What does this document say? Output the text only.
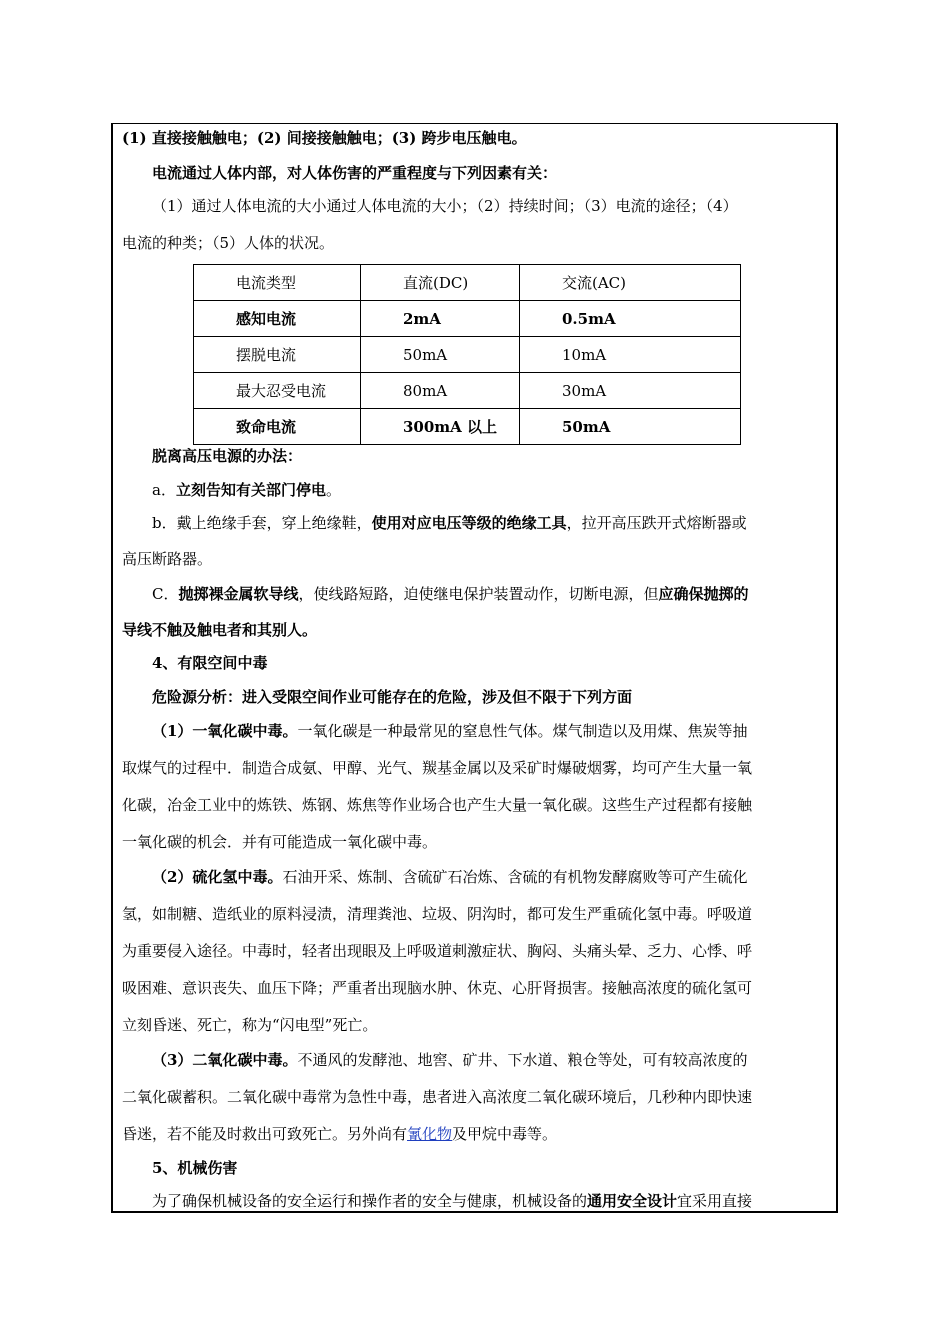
(1) 直接接触触电；(2) 间接接触触电；(3) 跨步电压触电。
电流通过人体内部，对人体伤害的严重程度与下列因素有关：
（1）通过人体电流的大小通过人体电流的大小；（2）持续时间；（3）电流的途径；（4）
电流的种类；（5）人体的状况。
电流类型	直流(DC)	交流(AC)
感知电流	2mA	0.5mA
摆脱电流	50mA	10mA
最大忍受电流	80mA	30mA
致命电流	300mA 以上	50mA
脱离高压电源的办法：
a．立刻告知有关部门停电。
b．戴上绝缘手套，穿上绝缘鞋，使用对应电压等级的绝缘工具，拉开高压跌开式熔断器或
高压断路器。
C．抛掷裸金属软导线，使线路短路，迫使继电保护装置动作，切断电源，但应确保抛掷的
导线不触及触电者和其别人。
4、有限空间中毒
危险源分析：进入受限空间作业可能存在的危险，涉及但不限于下列方面
（1）一氧化碳中毒。一氧化碳是一种最常见的窒息性气体。煤气制造以及用煤、焦炭等抽
取煤气的过程中．制造合成氨、甲醇、光气、羰基金属以及采矿时爆破烟雾，均可产生大量一氧
化碳，冶金工业中的炼铁、炼钢、炼焦等作业场合也产生大量一氧化碳。这些生产过程都有接触
一氧化碳的机会．并有可能造成一氧化碳中毒。
（2）硫化氢中毒。石油开采、炼制、含硫矿石冶炼、含硫的有机物发酵腐败等可产生硫化
氢，如制糖、造纸业的原料浸渍，清理粪池、垃圾、阴沟时，都可发生严重硫化氢中毒。呼吸道
为重要侵入途径。中毒时，轻者出现眼及上呼吸道刺激症状、胸闷、头痛头晕、乏力、心悸、呼
吸困难、意识丧失、血压下降；严重者出现脑水肿、休克、心肝肾损害。接触高浓度的硫化氢可
立刻昏迷、死亡，称为“闪电型”死亡。
（3）二氧化碳中毒。不通风的发酵池、地窖、矿井、下水道、粮仓等处，可有较高浓度的
二氧化碳蓄积。二氧化碳中毒常为急性中毒，患者进入高浓度二氧化碳环境后，几秒种内即快速
昏迷，若不能及时救出可致死亡。另外尚有氰化物及甲烷中毒等。
5、机械伤害
为了确保机械设备的安全运行和操作者的安全与健康，机械设备的通用安全设计宜采用直接
